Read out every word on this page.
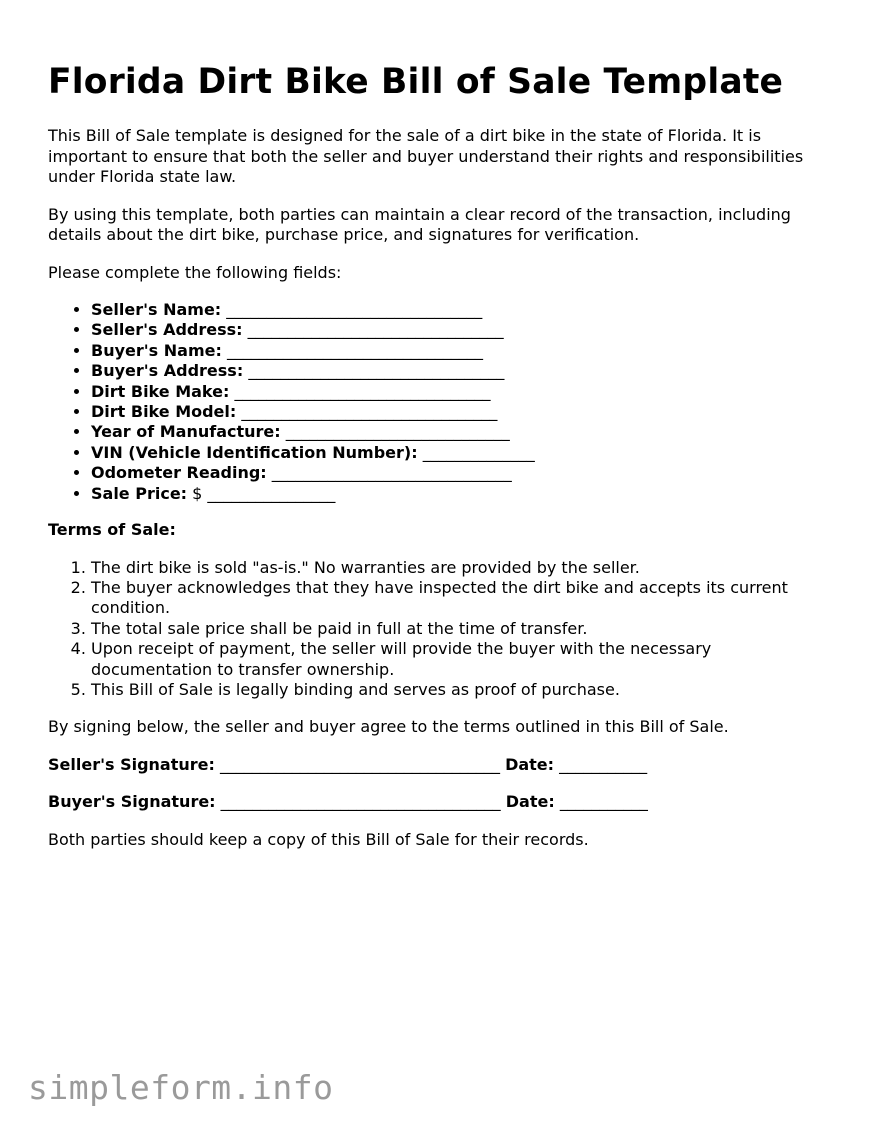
Florida Dirt Bike Bill of Sale Template

This Bill of Sale template is designed for the sale of a dirt bike in the state of Florida. It is important to ensure that both the seller and buyer understand their rights and responsibilities under Florida state law.

By using this template, both parties can maintain a clear record of the transaction, including details about the dirt bike, purchase price, and signatures for verification.

Please complete the following fields:

• Seller's Name: ________________________________
• Seller's Address: ________________________________
• Buyer's Name: ________________________________
• Buyer's Address: ________________________________
• Dirt Bike Make: ________________________________
• Dirt Bike Model: ________________________________
• Year of Manufacture: ____________________________
• VIN (Vehicle Identification Number): ______________
• Odometer Reading: ______________________________
• Sale Price: $ ________________

Terms of Sale:

1. The dirt bike is sold "as-is." No warranties are provided by the seller.
2. The buyer acknowledges that they have inspected the dirt bike and accepts its current condition.
3. The total sale price shall be paid in full at the time of transfer.
4. Upon receipt of payment, the seller will provide the buyer with the necessary documentation to transfer ownership.
5. This Bill of Sale is legally binding and serves as proof of purchase.

By signing below, the seller and buyer agree to the terms outlined in this Bill of Sale.

Seller's Signature: ___________________________________ Date: ___________
Buyer's Signature: ___________________________________ Date: ___________

Both parties should keep a copy of this Bill of Sale for their records.

simpleform.info
